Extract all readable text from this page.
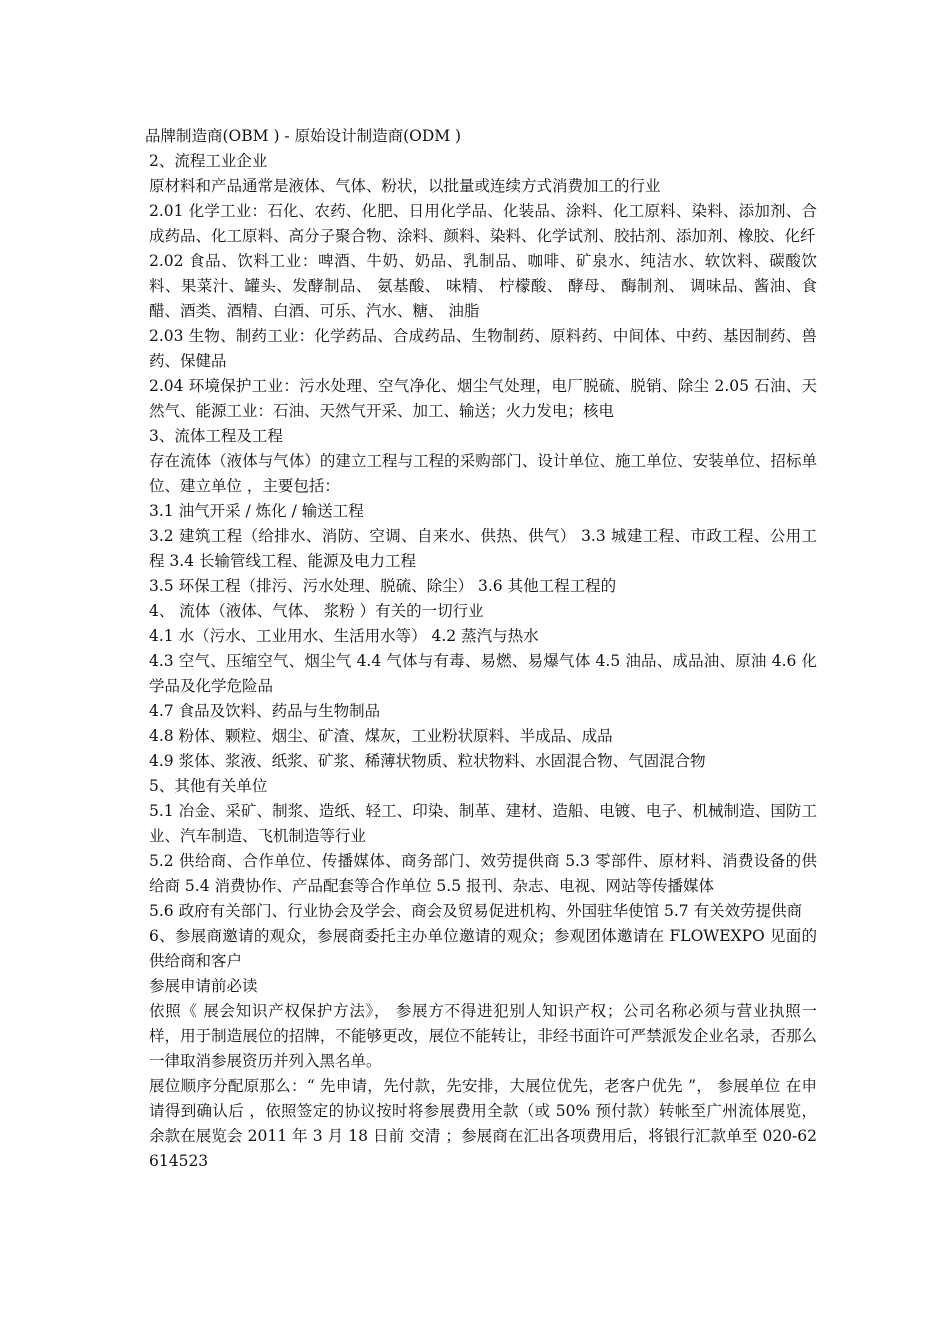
品牌制造商(OBM ) - 原始设计制造商(ODM )

2、流程工业企业

原材料和产品通常是液体、气体、粉状，以批量或连续方式消费加工的行业

2.01 化学工业：石化、农药、化肥、日用化学品、化装品、涂料、化工原料、染料、添加剂、合成药品、化工原料、高分子聚合物、涂料、颜料、染料、化学试剂、胶拈剂、添加剂、橡胶、化纤

2.02 食品、饮料工业：啤酒、牛奶、奶品、乳制品、咖啡、矿泉水、纯洁水、软饮料、碳酸饮料、果菜汁、罐头、发酵制品、 氨基酸、 味精、 柠檬酸、 酵母、 酶制剂、 调味品、酱油、食醋、酒类、酒精、白酒、可乐、汽水、糖、 油脂

2.03 生物、制药工业：化学药品、合成药品、生物制药、原料药、中间体、中药、基因制药、兽药、保健品

2.04 环境保护工业：污水处理、空气净化、烟尘气处理，电厂脱硫、脱销、除尘 2.05 石油、天然气、能源工业：石油、天然气开采、加工、输送；火力发电；核电

3、流体工程及工程

存在流体（液体与气体）的建立工程与工程的采购部门、设计单位、施工单位、安装单位、招标单位、建立单位 ，主要包括：

3.1 油气开采 / 炼化 / 输送工程

3.2 建筑工程（给排水、消防、空调、自来水、供热、供气） 3.3 城建工程、市政工程、公用工程 3.4 长输管线工程、能源及电力工程

3.5 环保工程（排污、污水处理、脱硫、除尘） 3.6 其他工程工程的

4、 流体（液体、气体、 浆粉 ）有关的一切行业

4.1 水（污水、工业用水、生活用水等） 4.2 蒸汽与热水

4.3 空气、压缩空气、烟尘气 4.4 气体与有毒、易燃、易爆气体 4.5 油品、成品油、原油 4.6 化学品及化学危险品

4.7 食品及饮料、药品与生物制品

4.8 粉体、颗粒、烟尘、矿渣、煤灰，工业粉状原料、半成品、成品

4.9 浆体、浆液、纸浆、矿浆、稀薄状物质、粒状物料、水固混合物、气固混合物

5、其他有关单位

5.1 冶金、采矿、制浆、造纸、轻工、印染、制革、建材、造船、电镀、电子、机械制造、国防工业、汽车制造、飞机制造等行业

5.2 供给商、合作单位、传播媒体、商务部门、效劳提供商 5.3 零部件、原材料、消费设备的供给商 5.4 消费协作、产品配套等合作单位 5.5 报刊、杂志、电视、网站等传播媒体

5.6 政府有关部门、行业协会及学会、商会及贸易促进机构、外国驻华使馆 5.7 有关效劳提供商

6、参展商邀请的观众，参展商委托主办单位邀请的观众；参观团体邀请在 FLOWEXPO 见面的供给商和客户

参展申请前必读

依照《 展会知识产权保护方法》， 参展方不得进犯别人知识产权；公司名称必须与营业执照一样，用于制造展位的招牌，不能够更改，展位不能转让，非经书面许可严禁派发企业名录，否那么一律取消参展资历并列入黑名单。

展位顺序分配原那么：“ 先申请，先付款，先安排，大展位优先，老客户优先 ”， 参展单位 在申请得到确认后 ，依照签定的协议按时将参展费用全款（或 50% 预付款）转帐至广州流体展览，余款在展览会 2011 年 3 月 18 日前 交清 ；参展商在汇出各项费用后，将银行汇款单至 020-62614523
